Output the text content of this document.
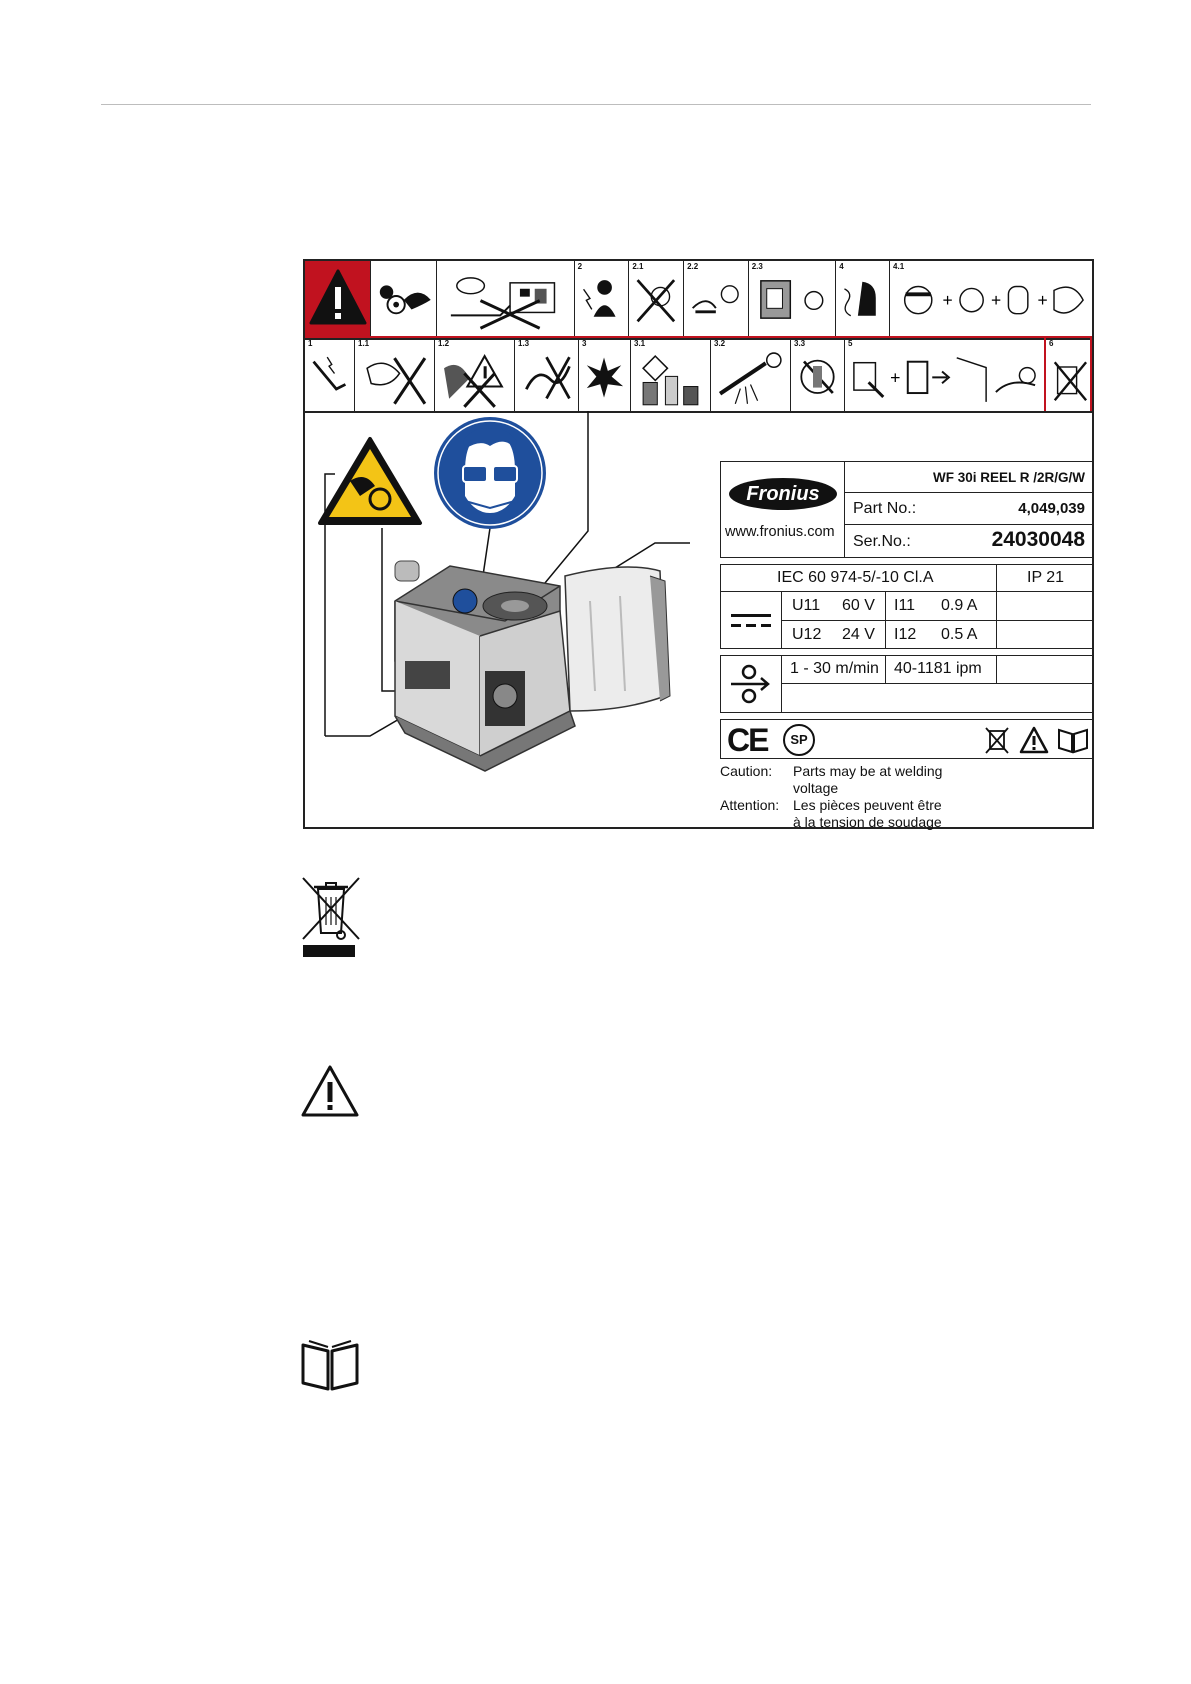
2	2.1	2.2	2.3	4	4.1
+ + +
1	1.1	1.2	1.3	3	3.1	3.2	3.3	5
+
6
Fronius
www.fronius.com
WF 30i REEL R /2R/G/W
Part No.:	4,049,039
Ser.No.:	24030048
IEC 60 974-5/-10 Cl.A	IP 21
U11 60 V I11 0.9 A
U12 24 V I12 0.5 A
1 - 30 m/min 40-1181 ipm
CE	SP
Caution: Parts may be at welding voltage
Attention: Les pièces peuvent être à la tension de soudage
